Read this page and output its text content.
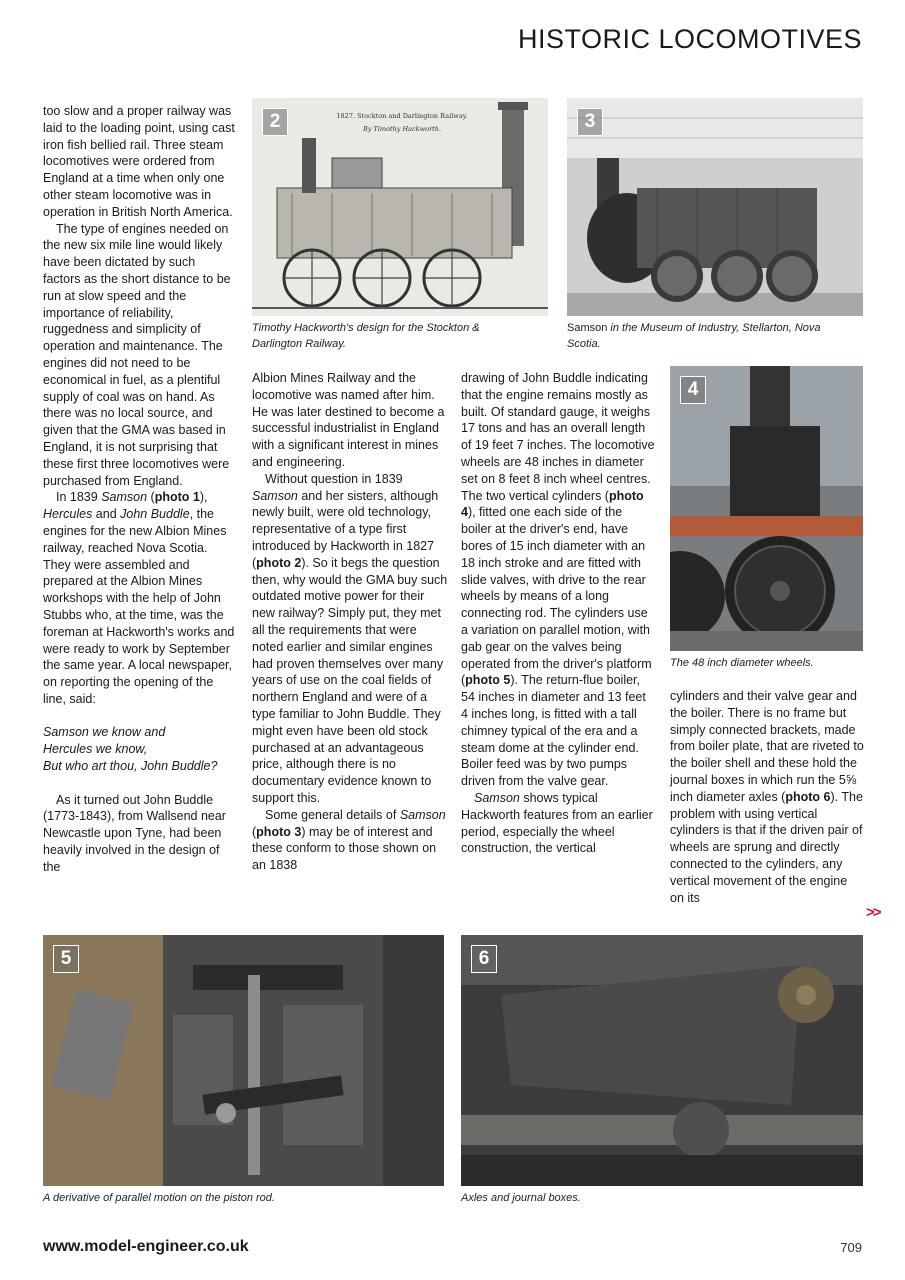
HISTORIC LOCOMOTIVES

too slow and a proper railway was laid to the loading point, using cast iron fish bellied rail. Three steam locomotives were ordered from England at a time when only one other steam locomotive was in operation in British North America.

The type of engines needed on the new six mile line would likely have been dictated by such factors as the short distance to be run at slow speed and the importance of reliability, ruggedness and simplicity of operation and maintenance. The engines did not need to be economical in fuel, as a plentiful supply of coal was on hand. As there was no local source, and given that the GMA was based in England, it is not surprising that these first three locomotives were purchased from England.

In 1839 Samson (photo 1), Hercules and John Buddle, the engines for the new Albion Mines railway, reached Nova Scotia. They were assembled and prepared at the Albion Mines workshops with the help of John Stubbs who, at the time, was the foreman at Hackworth's works and were ready to work by September the same year. A local newspaper, on reporting the opening of the line, said:

Samson we know and
Hercules we know,
But who art thou, John Buddle?

As it turned out John Buddle (1773-1843), from Wallsend near Newcastle upon Tyne, had been heavily involved in the design of the

Albion Mines Railway and the locomotive was named after him. He was later destined to become a successful industrialist in England with a significant interest in mines and engineering.

Without question in 1839 Samson and her sisters, although newly built, were old technology, representative of a type first introduced by Hackworth in 1827 (photo 2). So it begs the question then, why would the GMA buy such outdated motive power for their new railway? Simply put, they met all the requirements that were noted earlier and similar engines had proven themselves over many years of use on the coal fields of northern England and were of a type familiar to John Buddle. They might even have been old stock purchased at an advantageous price, although there is no documentary evidence known to support this.

Some general details of Samson (photo 3) may be of interest and these conform to those shown on an 1838

drawing of John Buddle indicating that the engine remains mostly as built. Of standard gauge, it weighs 17 tons and has an overall length of 19 feet 7 inches. The locomotive wheels are 48 inches in diameter set on 8 feet 8 inch wheel centres. The two vertical cylinders (photo 4), fitted one each side of the boiler at the driver's end, have bores of 15 inch diameter with an 18 inch stroke and are fitted with slide valves, with drive to the rear wheels by means of a long connecting rod. The cylinders use a variation on parallel motion, with gab gear on the valves being operated from the driver's platform (photo 5). The return-flue boiler, 54 inches in diameter and 13 feet 4 inches long, is fitted with a tall chimney typical of the era and a steam dome at the cylinder end. Boiler feed was by two pumps driven from the valve gear.

Samson shows typical Hackworth features from an earlier period, especially the wheel construction, the vertical

cylinders and their valve gear and the boiler. There is no frame but simply connected brackets, made from boiler plate, that are riveted to the boiler shell and these hold the journal boxes in which run the 5⅝ inch diameter axles (photo 6). The problem with using vertical cylinders is that if the driven pair of wheels are sprung and directly connected to the cylinders, any vertical movement of the engine on its

>>
1827. Stockton and Darlington Railway.
By Timothy Hackworth.
2
Timothy Hackworth's design for the Stockton & Darlington Railway.
3
Samson in the Museum of Industry, Stellarton, Nova Scotia.
4
The 48 inch diameter wheels.
5
A derivative of parallel motion on the piston rod.
6
Axles and journal boxes.
www.model-engineer.co.uk	709
